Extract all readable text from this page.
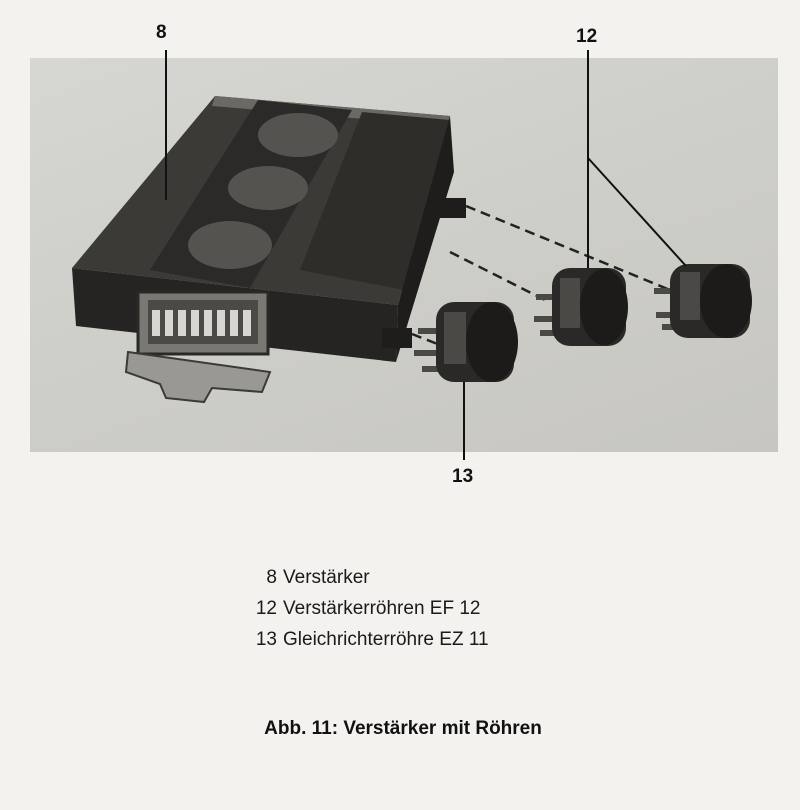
8	12
13
8 Verstärker
12 Verstärkerröhren EF 12
13 Gleichrichterröhre EZ 11
Abb. 11: Verstärker mit Röhren
